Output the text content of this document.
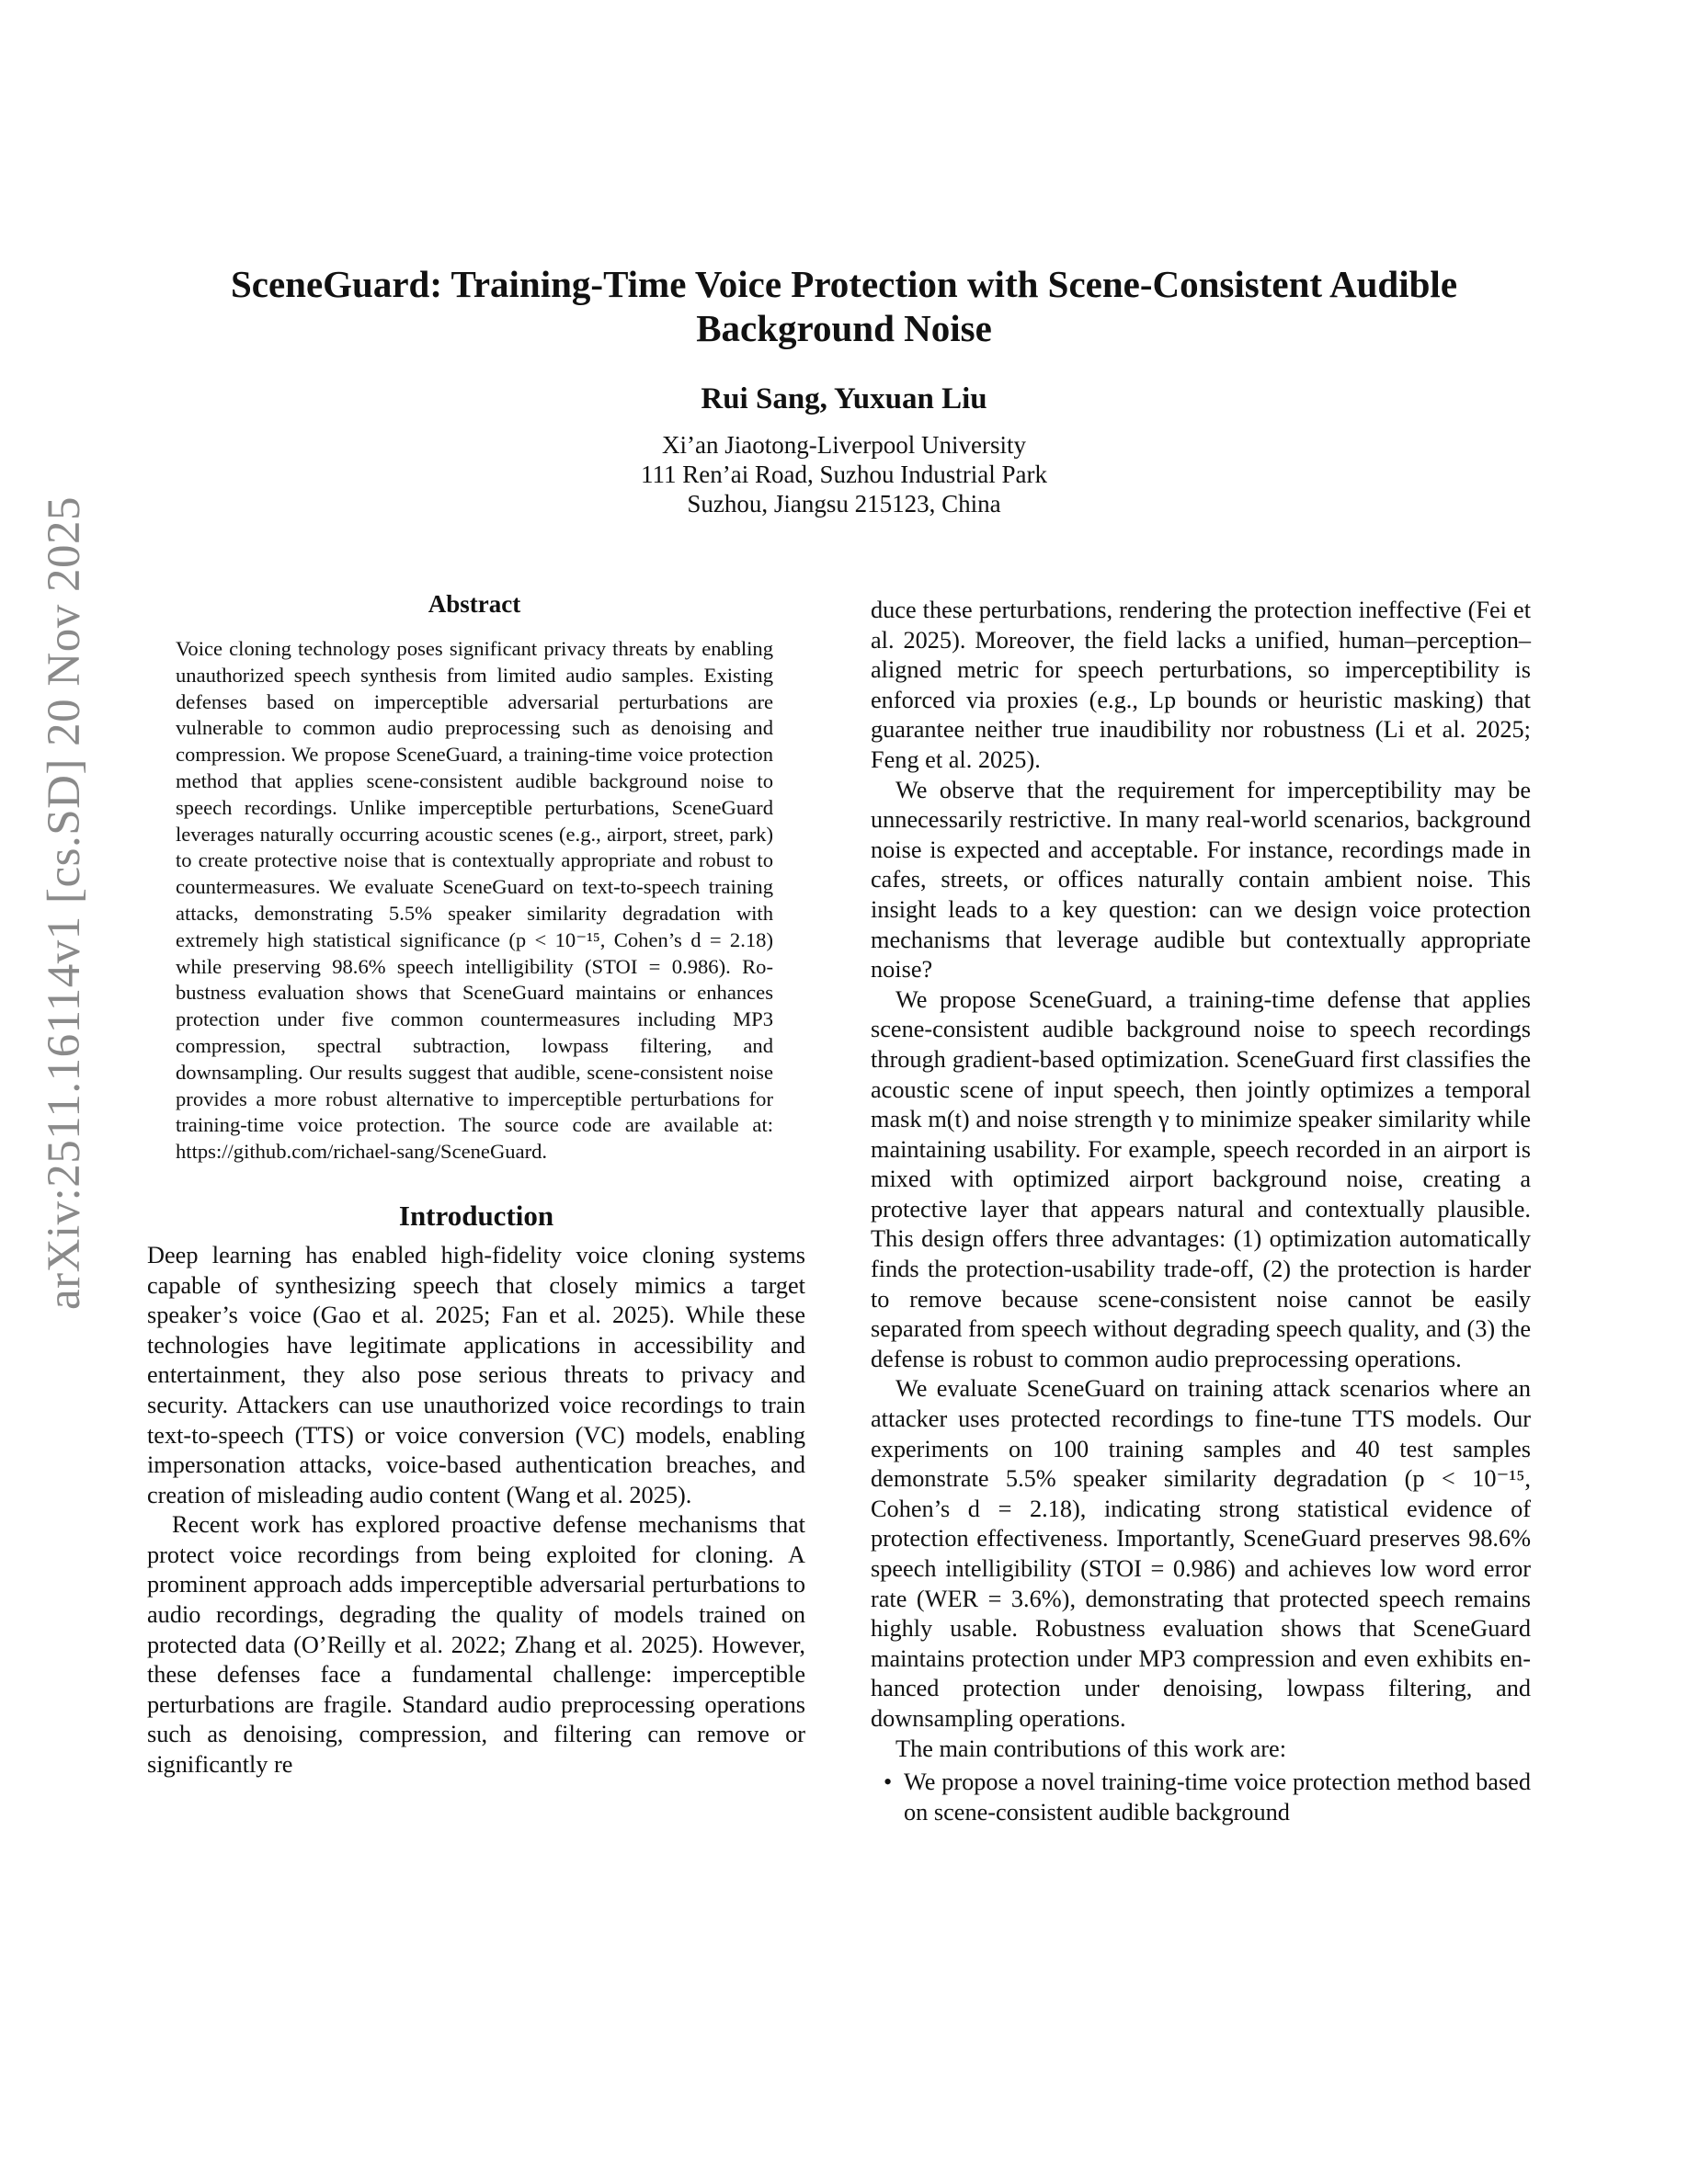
arXiv:2511.16114v1 [cs.SD] 20 Nov 2025
SceneGuard: Training-Time Voice Protection with Scene-Consistent Audible
Background Noise
Rui Sang, Yuxuan Liu
Xi’an Jiaotong-Liverpool University
111 Ren’ai Road, Suzhou Industrial Park
Suzhou, Jiangsu 215123, China
Abstract

Voice cloning technology poses significant privacy threats by enabling unauthorized speech synthesis from limited audio samples. Existing defenses based on imperceptible adversarial perturbations are vulnerable to common audio preprocessing such as denoising and compression. We propose SceneGuard, a training-time voice protection method that applies scene-consistent audible background noise to speech recordings. Unlike imperceptible perturbations, SceneGuard leverages naturally occurring acoustic scenes (e.g., airport, street, park) to create protective noise that is contextually appropriate and robust to countermeasures. We evaluate SceneGuard on text-to-speech training attacks, demonstrating 5.5% speaker similarity degradation with extremely high statistical significance (p < 10⁻¹⁵, Cohen’s d = 2.18) while preserving 98.6% speech intelligibility (STOI = 0.986). Robustness evaluation shows that SceneGuard maintains or enhances protection under five common countermeasures including MP3 compression, spectral subtraction, lowpass filtering, and downsampling. Our results suggest that audible, scene-consistent noise provides a more robust alternative to imperceptible perturbations for training-time voice protection. The source code are available at: https://github.com/richael-sang/SceneGuard.

Introduction

Deep learning has enabled high-fidelity voice cloning systems capable of synthesizing speech that closely mimics a target speaker’s voice (Gao et al. 2025; Fan et al. 2025). While these technologies have legitimate applications in accessibility and entertainment, they also pose serious threats to privacy and security. Attackers can use unauthorized voice recordings to train text-to-speech (TTS) or voice conversion (VC) models, enabling impersonation attacks, voice-based authentication breaches, and creation of misleading audio content (Wang et al. 2025).

Recent work has explored proactive defense mechanisms that protect voice recordings from being exploited for cloning. A prominent approach adds imperceptible adversarial perturbations to audio recordings, degrading the quality of models trained on protected data (O’Reilly et al. 2022; Zhang et al. 2025). However, these defenses face a fundamental challenge: imperceptible perturbations are fragile. Standard audio preprocessing operations such as denoising, compression, and filtering can remove or significantly re

duce these perturbations, rendering the protection ineffective (Fei et al. 2025). Moreover, the field lacks a unified, human–perception–aligned metric for speech perturbations, so imperceptibility is enforced via proxies (e.g., Lp bounds or heuristic masking) that guarantee neither true inaudibility nor robustness (Li et al. 2025; Feng et al. 2025).

We observe that the requirement for imperceptibility may be unnecessarily restrictive. In many real-world scenarios, background noise is expected and acceptable. For instance, recordings made in cafes, streets, or offices naturally contain ambient noise. This insight leads to a key question: can we design voice protection mechanisms that leverage audible but contextually appropriate noise?

We propose SceneGuard, a training-time defense that applies scene-consistent audible background noise to speech recordings through gradient-based optimization. SceneGuard first classifies the acoustic scene of input speech, then jointly optimizes a temporal mask m(t) and noise strength γ to minimize speaker similarity while maintaining usability. For example, speech recorded in an airport is mixed with optimized airport background noise, creating a protective layer that appears natural and contextually plausible. This design offers three advantages: (1) optimization automatically finds the protection-usability trade-off, (2) the protection is harder to remove because scene-consistent noise cannot be easily separated from speech without degrading speech quality, and (3) the defense is robust to common audio preprocessing operations.

We evaluate SceneGuard on training attack scenarios where an attacker uses protected recordings to fine-tune TTS models. Our experiments on 100 training samples and 40 test samples demonstrate 5.5% speaker similarity degradation (p < 10⁻¹⁵, Cohen’s d = 2.18), indicating strong statistical evidence of protection effectiveness. Importantly, SceneGuard preserves 98.6% speech intelligibility (STOI = 0.986) and achieves low word error rate (WER = 3.6%), demonstrating that protected speech remains highly usable. Robustness evaluation shows that SceneGuard maintains protection under MP3 compression and even exhibits enhanced protection under denoising, lowpass filtering, and downsampling operations.

The main contributions of this work are:

• We propose a novel training-time voice protection method based on scene-consistent audible background
